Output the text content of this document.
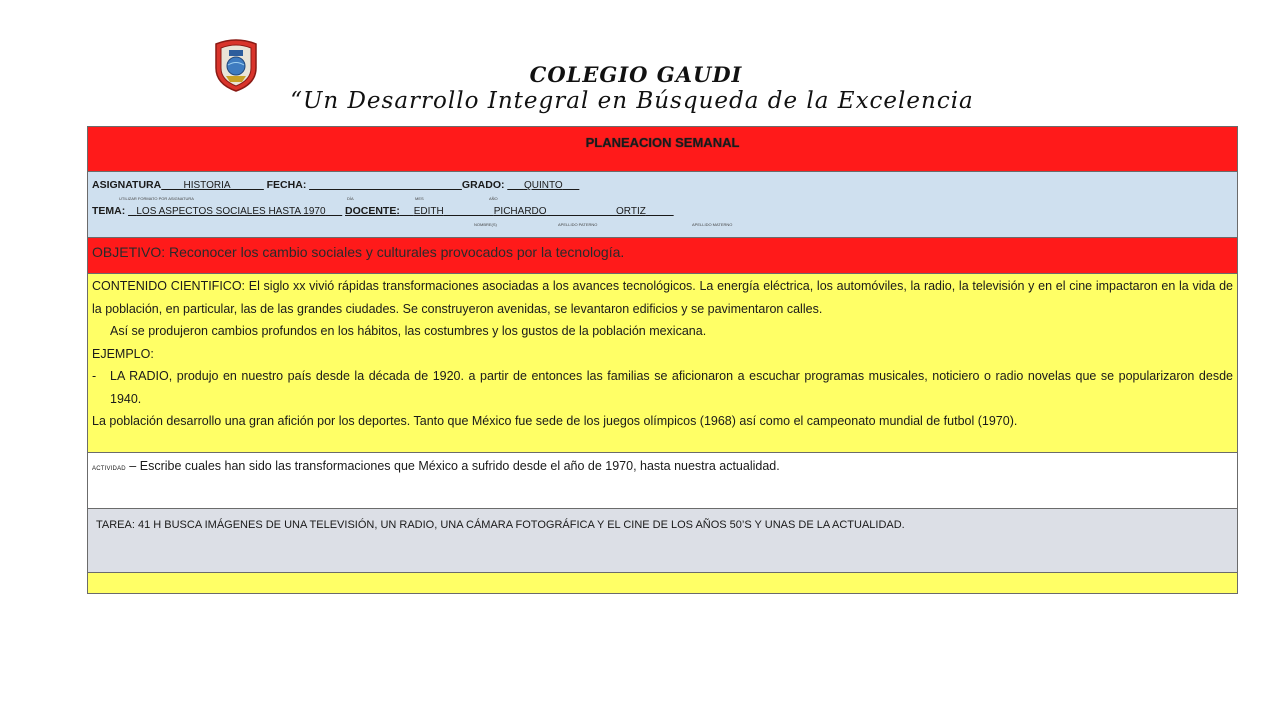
COLEGIO GAUDI
“Un Desarrollo Integral en Búsqueda de la Excelencia
PLANEACION SEMANAL
ASIGNATURA HISTORIA	FECHA:	GRADO: QUINTO
UTILIZAR FORMATO POR ASIGNATURA	DÍA	MES	AÑO
TEMA: LOS ASPECTOS SOCIALES HASTA 1970 DOCENTE: EDITH	PICHARDO	ORTIZ
NOMBRE(S)	APELLIDO PATERNO	APELLIDO MATERNO
OBJETIVO: Reconocer los cambio sociales y culturales provocados por la tecnología.

CONTENIDO CIENTIFICO: El siglo xx vivió rápidas transformaciones asociadas a los avances tecnológicos. La energía eléctrica, los automóviles, la radio, la televisión y en el cine impactaron en la vida de la población, en particular, las de las grandes ciudades. Se construyeron avenidas, se levantaron edificios y se pavimentaron calles.

Así se produjeron cambios profundos en los hábitos, las costumbres y los gustos de la población mexicana.

EJEMPLO:

-	LA RADIO, produjo en nuestro país desde la década de 1920. a partir de entonces las familias se aficionaron a escuchar programas musicales, noticiero o radio novelas que se popularizaron desde 1940.

La población desarrollo una gran afición por los deportes. Tanto que México fue sede de los juegos olímpicos (1968) así como el campeonato mundial de futbol (1970).

ACTIVIDAD – Escribe cuales han sido las transformaciones que México a sufrido desde el año de 1970, hasta nuestra actualidad.
TAREA: 41 H BUSCA IMÁGENES DE UNA TELEVISIÓN, UN RADIO, UNA CÁMARA FOTOGRÁFICA Y EL CINE DE LOS AÑOS 50’S Y UNAS DE LA ACTUALIDAD.
